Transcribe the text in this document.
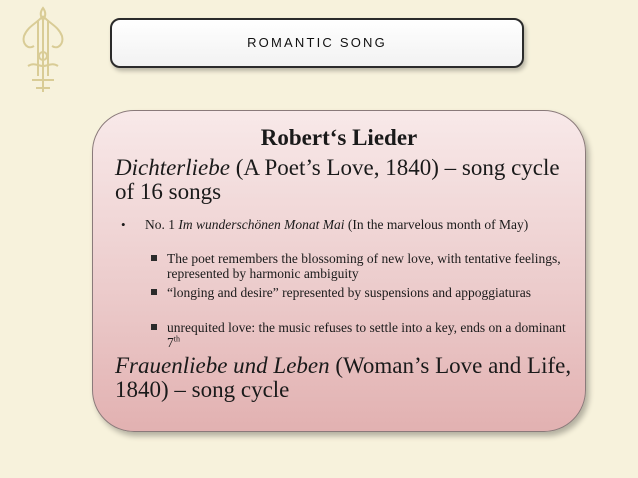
ROMANTIC SONG
Robert‘s Lieder
Dichterliebe (A Poet’s Love, 1840) – song cycle of 16 songs
• No. 1 Im wunderschönen Monat Mai (In the marvelous month of May)
The poet remembers the blossoming of new love, with tentative feelings, represented by harmonic ambiguity
“longing and desire” represented by suspensions and appoggiaturas
unrequited love: the music refuses to settle into a key, ends on a dominant 7th
Frauenliebe und Leben (Woman’s Love and Life, 1840) – song cycle
